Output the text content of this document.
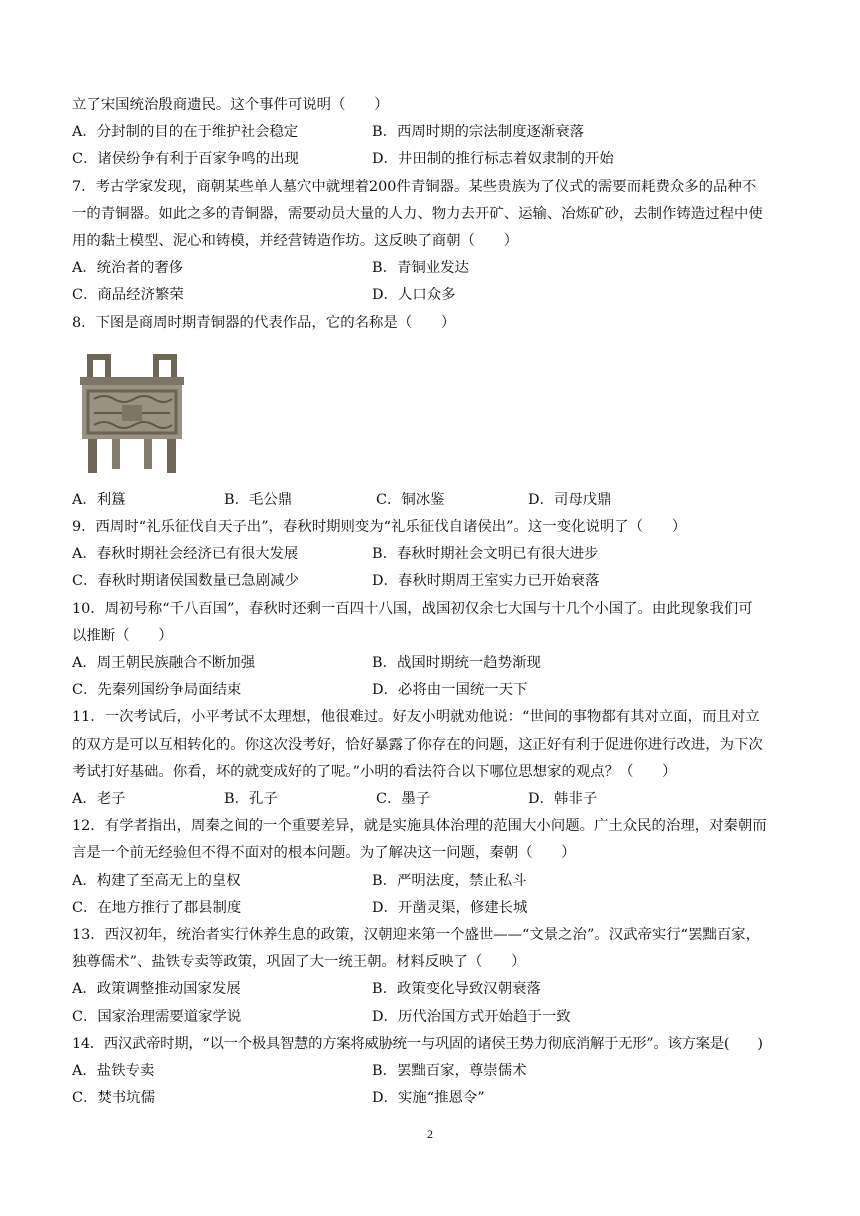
立了宋国统治殷商遗民。这个事件可说明（　　）

A．分封制的目的在于维护社会稳定	B．西周时期的宗法制度逐渐衰落
C．诸侯纷争有利于百家争鸣的出现	D．井田制的推行标志着奴隶制的开始

7．考古学家发现，商朝某些单人墓穴中就埋着200件青铜器。某些贵族为了仪式的需要而耗费众多的品种不

一的青铜器。如此之多的青铜器，需要动员大量的人力、物力去开矿、运输、冶炼矿砂，去制作铸造过程中使

用的黏土模型、泥心和铸模，并经营铸造作坊。这反映了商朝（　　）

A．统治者的奢侈	B．青铜业发达
C．商品经济繁荣	D．人口众多

8．下图是商周时期青铜器的代表作品，它的名称是（　　）

A．利簋	B．毛公鼎	C．铜冰鉴	D．司母戊鼎

9．西周时“礼乐征伐自天子出”，春秋时期则变为“礼乐征伐自诸侯出”。这一变化说明了（　　）

A．春秋时期社会经济已有很大发展	B．春秋时期社会文明已有很大进步
C．春秋时期诸侯国数量已急剧减少	D．春秋时期周王室实力已开始衰落

10．周初号称“千八百国”，春秋时还剩一百四十八国，战国初仅余七大国与十几个小国了。由此现象我们可

以推断（　　）

A．周王朝民族融合不断加强	B．战国时期统一趋势渐现
C．先秦列国纷争局面结束	D．必将由一国统一天下

11．一次考试后，小平考试不太理想，他很难过。好友小明就劝他说：“世间的事物都有其对立面，而且对立

的双方是可以互相转化的。你这次没考好，恰好暴露了你存在的问题，这正好有利于促进你进行改进，为下次

考试打好基础。你看，坏的就变成好的了呢。”小明的看法符合以下哪位思想家的观点？（　　）

A．老子	B．孔子	C．墨子	D．韩非子

12．有学者指出，周秦之间的一个重要差异，就是实施具体治理的范围大小问题。广土众民的治理，对秦朝而

言是一个前无经验但不得不面对的根本问题。为了解决这一问题，秦朝（　　）

A．构建了至高无上的皇权	B．严明法度，禁止私斗
C．在地方推行了郡县制度	D．开凿灵渠，修建长城

13．西汉初年，统治者实行休养生息的政策，汉朝迎来第一个盛世——“文景之治”。汉武帝实行“罢黜百家，

独尊儒术”、盐铁专卖等政策，巩固了大一统王朝。材料反映了（　　）

A．政策调整推动国家发展	B．政策变化导致汉朝衰落
C．国家治理需要道家学说	D．历代治国方式开始趋于一致

14．西汉武帝时期，“以一个极具智慧的方案将威胁统一与巩固的诸侯王势力彻底消解于无形”。该方案是(　　)

A．盐铁专卖	B．罢黜百家，尊崇儒术
C．焚书坑儒	D．实施“推恩令”
2
